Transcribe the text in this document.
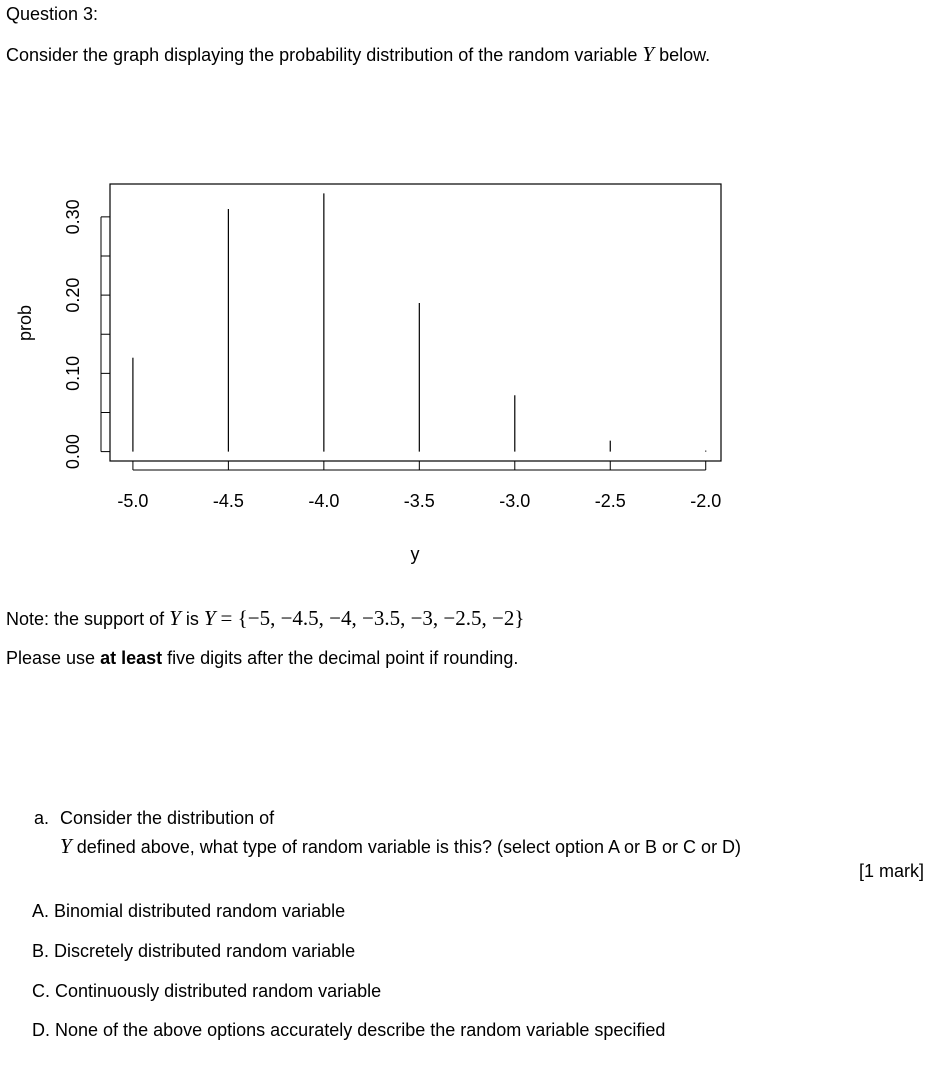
Question 3:
Consider the graph displaying the probability distribution of the random variable Y below.
-5.0	-4.5	-4.0	-3.5	-3.0	-2.5	-2.0
0.00
0.10
0.20
0.30
y
prob
Note: the support of Y is Y = {−5, −4.5, −4, −3.5, −3, −2.5, −2}
Please use at least five digits after the decimal point if rounding.
a. Consider the distribution of
Y defined above, what type of random variable is this? (select option A or B or C or D)
[1 mark]
A. Binomial distributed random variable
B. Discretely distributed random variable
C. Continuously distributed random variable
D. None of the above options accurately describe the random variable specified
